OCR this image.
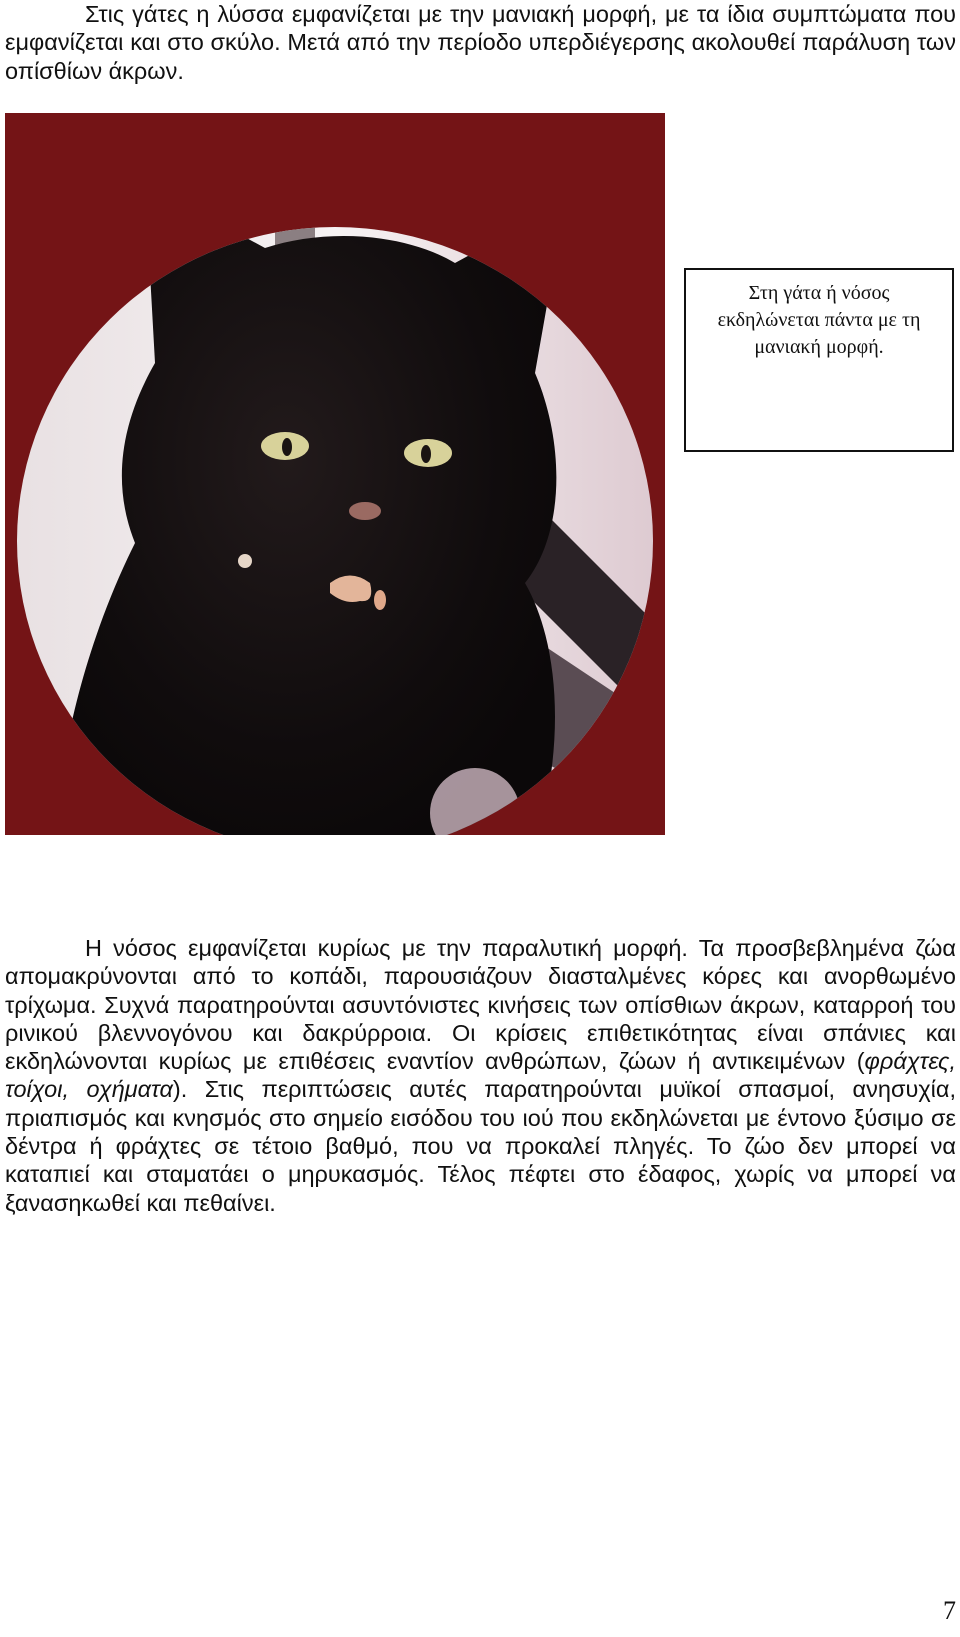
Στις γάτες η λύσσα εμφανίζεται με την μανιακή μορφή, με τα ίδια συμπτώματα που εμφανίζεται και στο σκύλο. Μετά από την περίοδο υπερδιέγερσης ακολουθεί παράλυση των οπίσθίων άκρων.

Στη γάτα ή νόσος εκδηλώνεται πάντα με τη μανιακή μορφή.

Η νόσος εμφανίζεται κυρίως με την παραλυτική μορφή. Τα προσβεβλημένα ζώα απομακρύνονται από το κοπάδι, παρουσιάζουν διασταλμένες κόρες και ανορθωμένο τρίχωμα. Συχνά παρατηρούνται ασυντόνιστες κινήσεις των οπίσθιων άκρων, καταρροή του ρινικού βλεννογόνου και δακρύρροια. Οι κρίσεις επιθετικότητας είναι σπάνιες και εκδηλώνονται κυρίως με επιθέσεις εναντίον ανθρώπων, ζώων ή αντικειμένων (φράχτες, τοίχοι, οχήματα). Στις περιπτώσεις αυτές παρατηρούνται μυϊκοί σπασμοί, ανησυχία, πριαπισμός και κνησμός στο σημείο εισόδου του ιού που εκδηλώνεται με έντονο ξύσιμο σε δέντρα ή φράχτες σε τέτοιο βαθμό, που να προκαλεί πληγές. Το ζώο δεν μπορεί να καταπιεί και σταματάει ο μηρυκασμός. Τέλος πέφτει στο έδαφος, χωρίς να μπορεί να ξανασηκωθεί και πεθαίνει.

7
